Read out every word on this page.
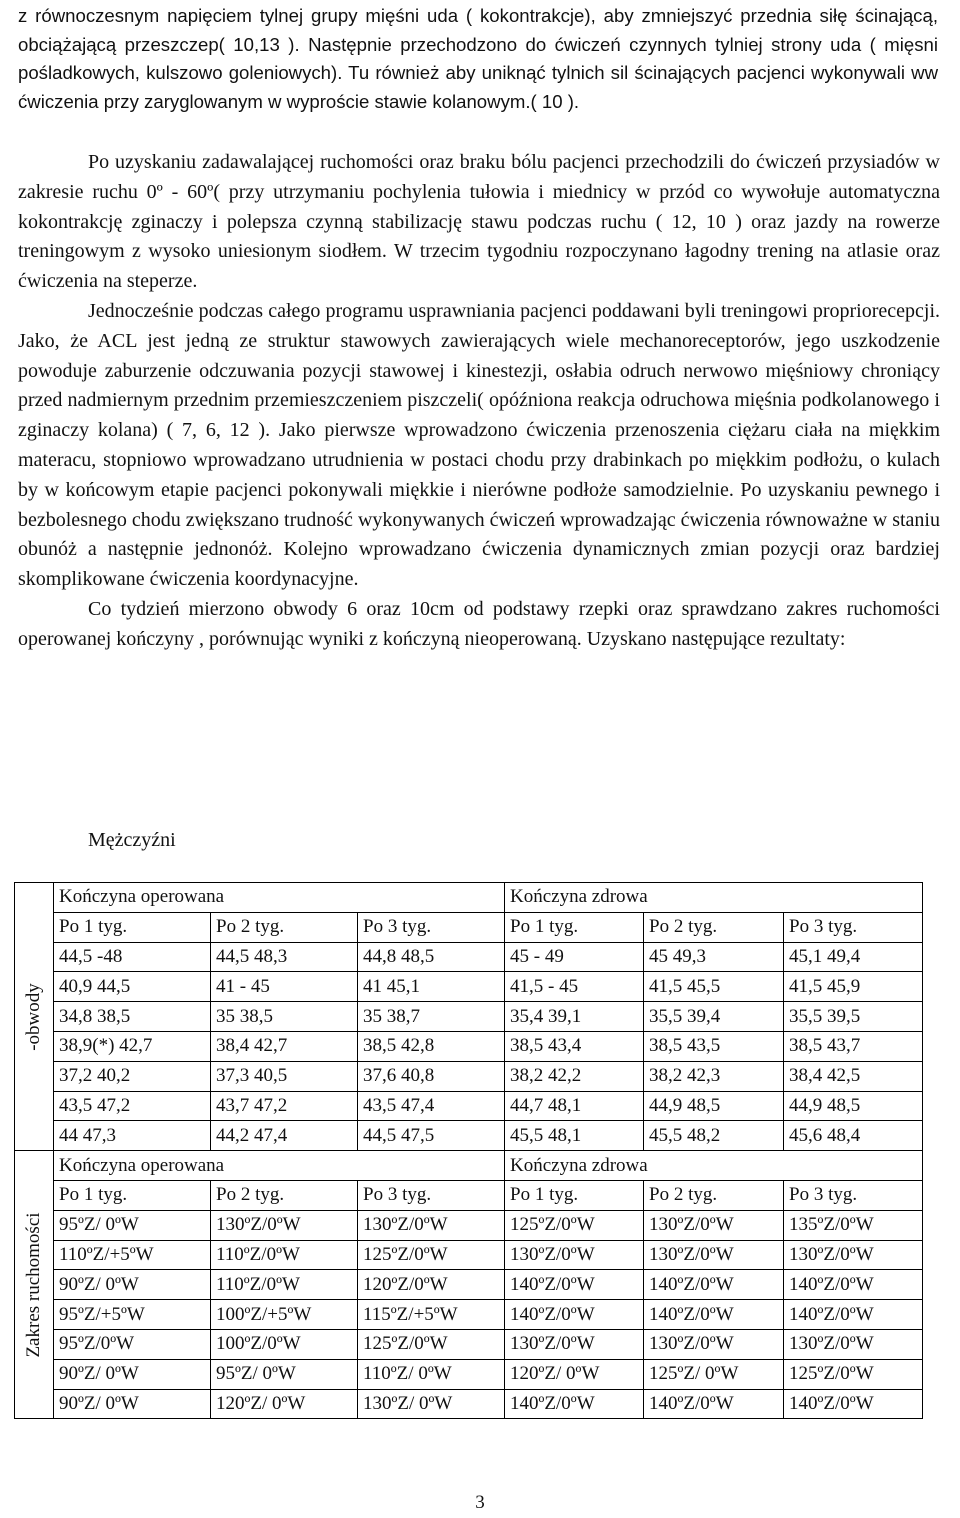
z równoczesnym napięciem tylnej grupy mięśni uda ( kokontrakcje), aby zmniejszyć przednia siłę ścinającą, obciążającą przeszczep( 10,13 ). Następnie przechodzono do ćwiczeń czynnych tylniej strony uda ( mięsni pośladkowych, kulszowo goleniowych). Tu również aby uniknąć tylnich sil ścinających pacjenci wykonywali ww ćwiczenia przy zaryglowanym w wyproście stawie kolanowym.( 10 ).

Po uzyskaniu zadawalającej ruchomości oraz braku bólu pacjenci przechodzili do ćwiczeń przysiadów w zakresie ruchu 0º - 60º( przy utrzymaniu pochylenia tułowia i miednicy w przód co wywołuje automatyczna kokontrakcję zginaczy i polepsza czynną stabilizację stawu podczas ruchu ( 12, 10 ) oraz jazdy na rowerze treningowym z wysoko uniesionym siodłem. W trzecim tygodniu rozpoczynano łagodny trening na atlasie oraz ćwiczenia na steperze.

Jednocześnie podczas całego programu usprawniania pacjenci poddawani byli treningowi propriorecepcji. Jako, że ACL jest jedną ze struktur stawowych zawierających wiele mechanoreceptorów, jego uszkodzenie powoduje zaburzenie odczuwania pozycji stawowej i kinestezji, osłabia odruch nerwowo mięśniowy chroniący przed nadmiernym przednim przemieszczeniem piszczeli( opóźniona reakcja odruchowa mięśnia podkolanowego i zginaczy kolana) ( 7, 6, 12 ). Jako pierwsze wprowadzono ćwiczenia przenoszenia ciężaru ciała na miękkim materacu, stopniowo wprowadzano utrudnienia w postaci chodu przy drabinkach po miękkim podłożu, o kulach by w końcowym etapie pacjenci pokonywali miękkie i nierówne podłoże samodzielnie. Po uzyskaniu pewnego i bezbolesnego chodu zwiększano trudność wykonywanych ćwiczeń wprowadzając ćwiczenia równoważne w staniu obunóż a następnie jednonóż. Kolejno wprowadzano ćwiczenia dynamicznych zmian pozycji oraz bardziej skomplikowane ćwiczenia koordynacyjne.

Co tydzień mierzono obwody 6 oraz 10cm od podstawy rzepki oraz sprawdzano zakres ruchomości operowanej kończyny , porównując wyniki z kończyną nieoperowaną. Uzyskano następujące rezultaty:

Mężczyźni
-obwody	Kończyna operowana			Kończyna zdrowa		
	Po 1 tyg.	Po 2 tyg.	Po 3 tyg.	Po 1 tyg.	Po 2 tyg.	Po 3 tyg.
	44,5 -48	44,5 48,3	44,8 48,5	45 - 49	45 49,3	45,1 49,4
	40,9 44,5	41 - 45	41 45,1	41,5 - 45	41,5 45,5	41,5 45,9
	34,8 38,5	35 38,5	35 38,7	35,4 39,1	35,5 39,4	35,5 39,5
	38,9(*) 42,7	38,4 42,7	38,5 42,8	38,5 43,4	38,5 43,5	38,5 43,7
	37,2 40,2	37,3 40,5	37,6 40,8	38,2 42,2	38,2 42,3	38,4 42,5
	43,5 47,2	43,7 47,2	43,5 47,4	44,7 48,1	44,9 48,5	44,9 48,5
	44 47,3	44,2 47,4	44,5 47,5	45,5 48,1	45,5 48,2	45,6 48,4

Zakres ruchomości	Kończyna operowana			Kończyna zdrowa		
	Po 1 tyg.	Po 2 tyg.	Po 3 tyg.	Po 1 tyg.	Po 2 tyg.	Po 3 tyg.
	95ºZ/ 0ºW	130ºZ/0ºW	130ºZ/0ºW	125ºZ/0ºW	130ºZ/0ºW	135ºZ/0ºW
	110ºZ/+5ºW	110ºZ/0ºW	125ºZ/0ºW	130ºZ/0ºW	130ºZ/0ºW	130ºZ/0ºW
	90ºZ/ 0ºW	110ºZ/0ºW	120ºZ/0ºW	140ºZ/0ºW	140ºZ/0ºW	140ºZ/0ºW
	95ºZ/+5ºW	100ºZ/+5ºW	115ºZ/+5ºW	140ºZ/0ºW	140ºZ/0ºW	140ºZ/0ºW
	95ºZ/0ºW	100ºZ/0ºW	125ºZ/0ºW	130ºZ/0ºW	130ºZ/0ºW	130ºZ/0ºW
	90ºZ/ 0ºW	95ºZ/ 0ºW	110ºZ/ 0ºW	120ºZ/ 0ºW	125ºZ/ 0ºW	125ºZ/0ºW
	90ºZ/ 0ºW	120ºZ/ 0ºW	130ºZ/ 0ºW	140ºZ/0ºW	140ºZ/0ºW	140ºZ/0ºW
3
